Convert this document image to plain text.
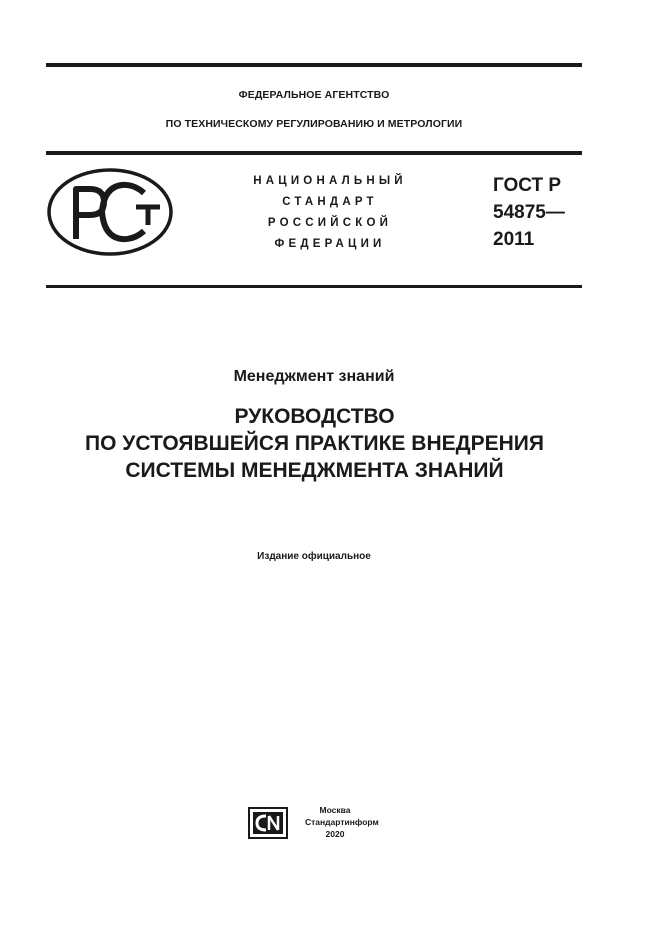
ФЕДЕРАЛЬНОЕ АГЕНТСТВО
ПО ТЕХНИЧЕСКОМУ РЕГУЛИРОВАНИЮ И МЕТРОЛОГИИ
НАЦИОНАЛЬНЫЙ
СТАНДАРТ
РОССИЙСКОЙ
ФЕДЕРАЦИИ
ГОСТ Р
54875—
2011
Менеджмент знаний
РУКОВОДСТВО
ПО УСТОЯВШЕЙСЯ ПРАКТИКЕ ВНЕДРЕНИЯ
СИСТЕМЫ МЕНЕДЖМЕНТА ЗНАНИЙ
Издание официальное
Москва
Стандартинформ
2020
